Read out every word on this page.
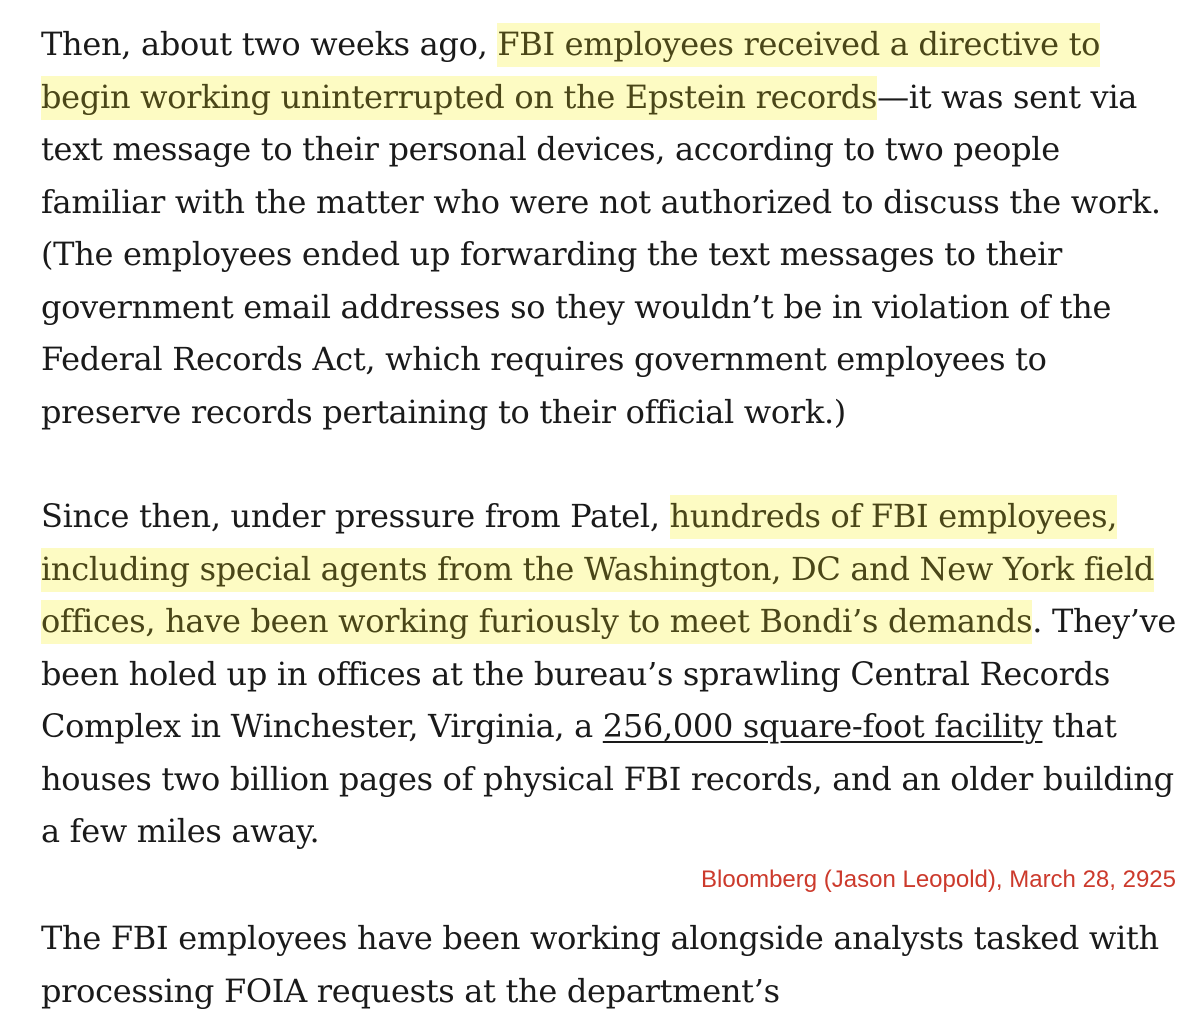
Then, about two weeks ago, FBI employees received a directive to begin working uninterrupted on the Epstein records—it was sent via text message to their personal devices, according to two people familiar with the matter who were not authorized to discuss the work. (The employees ended up forwarding the text messages to their government email addresses so they wouldn’t be in violation of the Federal Records Act, which requires government employees to preserve records pertaining to their official work.)

Since then, under pressure from Patel, hundreds of FBI employees, including special agents from the Washington, DC and New York field offices, have been working furiously to meet Bondi’s demands. They’ve been holed up in offices at the bureau’s sprawling Central Records Complex in Winchester, Virginia, a 256,000 square-foot facility that houses two billion pages of physical FBI records, and an older building a few miles away.

Bloomberg (Jason Leopold), March 28, 2925

The FBI employees have been working alongside analysts tasked with processing FOIA requests at the department’s
